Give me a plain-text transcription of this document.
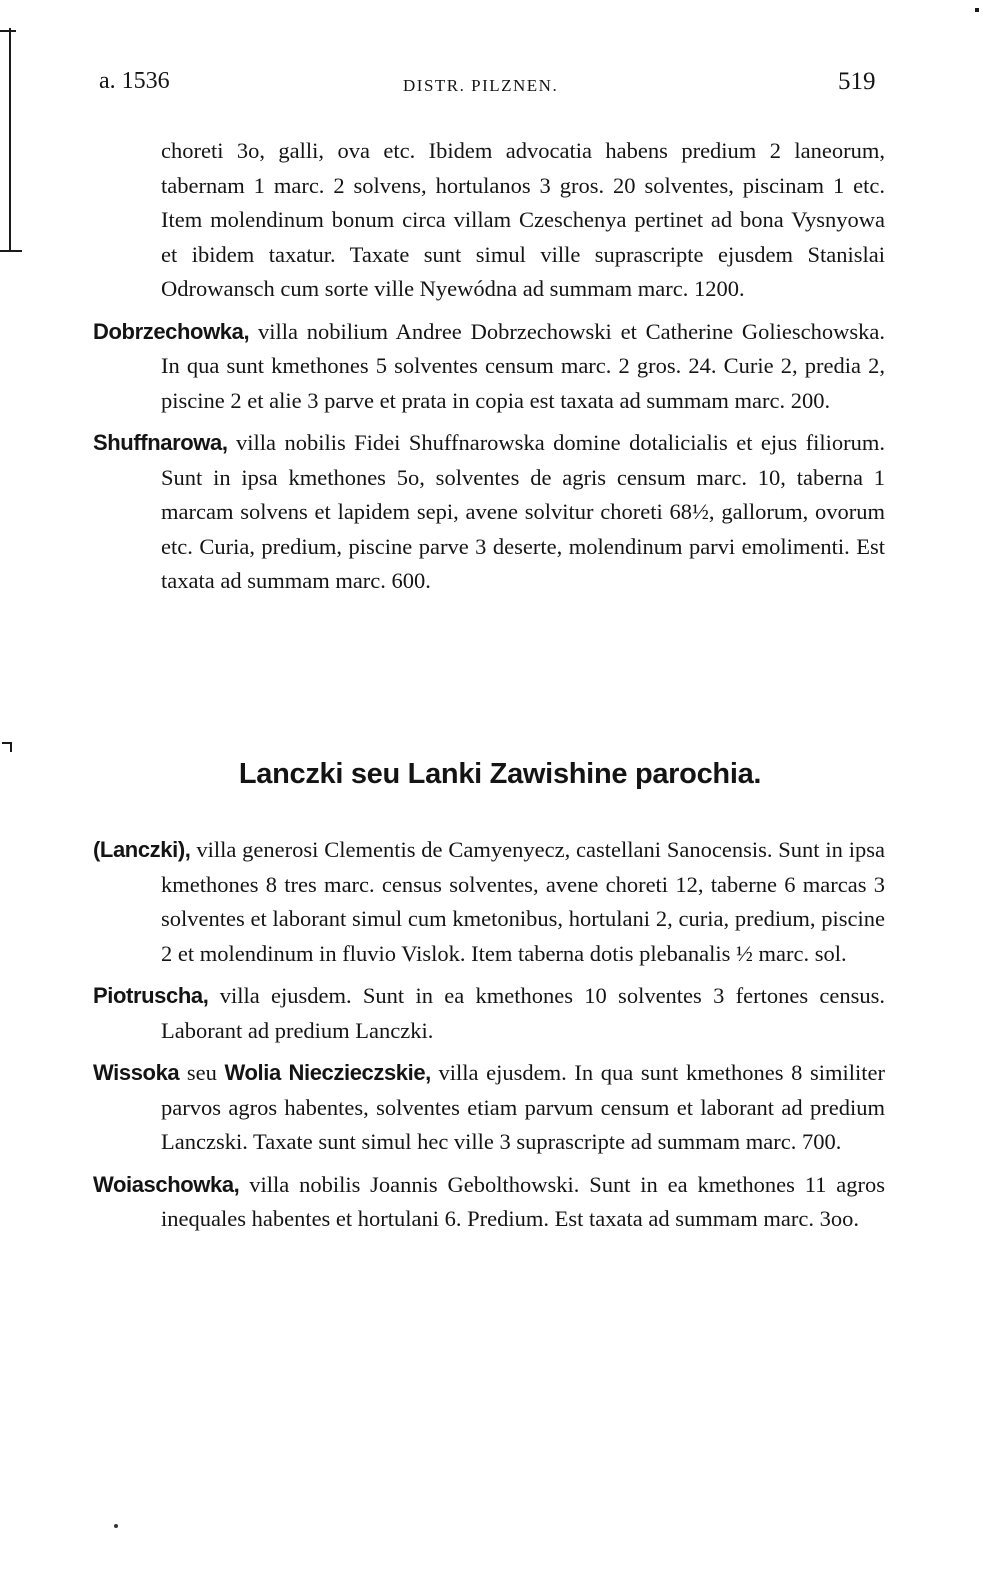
a. 1536	DISTR. PILZNEN.	519

choreti 3o, galli, ova etc. Ibidem advocatia habens predium 2 laneorum, tabernam 1 marc. 2 solvens, hortulanos 3 gros. 20 solventes, piscinam 1 etc. Item molendinum bonum circa villam Czeschenya pertinet ad bona Vysnyowa et ibidem taxatur. Taxate sunt simul ville suprascripte ejusdem Stanislai Odrowansch cum sorte ville Nyewódna ad summam marc. 1200.

Dobrzechowka, villa nobilium Andree Dobrzechowski et Catherine Golieschowska. In qua sunt kmethones 5 solventes censum marc. 2 gros. 24. Curie 2, predia 2, piscine 2 et alie 3 parve et prata in copia est taxata ad summam marc. 200.

Shuffnarowa, villa nobilis Fidei Shuffnarowska domine dotalicialis et ejus filiorum. Sunt in ipsa kmethones 5o, solventes de agris censum marc. 10, taberna 1 marcam solvens et lapidem sepi, avene solvitur choreti 68½, gallorum, ovorum etc. Curia, predium, piscine parve 3 deserte, molendinum parvi emolimenti. Est taxata ad summam marc. 600.

Lanczki seu Lanki Zawishine parochia.

(Lanczki), villa generosi Clementis de Camyenyecz, castellani Sanocensis. Sunt in ipsa kmethones 8 tres marc. census solventes, avene choreti 12, taberne 6 marcas 3 solventes et laborant simul cum kmetonibus, hortulani 2, curia, predium, piscine 2 et molendinum in fluvio Vislok. Item taberna dotis plebanalis ½ marc. sol.

Piotruscha, villa ejusdem. Sunt in ea kmethones 10 solventes 3 fertones census. Laborant ad predium Lanczki.

Wissoka seu Wolia Nieczieczskie, villa ejusdem. In qua sunt kmethones 8 similiter parvos agros habentes, solventes etiam parvum censum et laborant ad predium Lanczski. Taxate sunt simul hec ville 3 suprascripte ad summam marc. 700.

Woiaschowka, villa nobilis Joannis Gebolthowski. Sunt in ea kmethones 11 agros inequales habentes et hortulani 6. Predium. Est taxata ad summam marc. 3oo.
